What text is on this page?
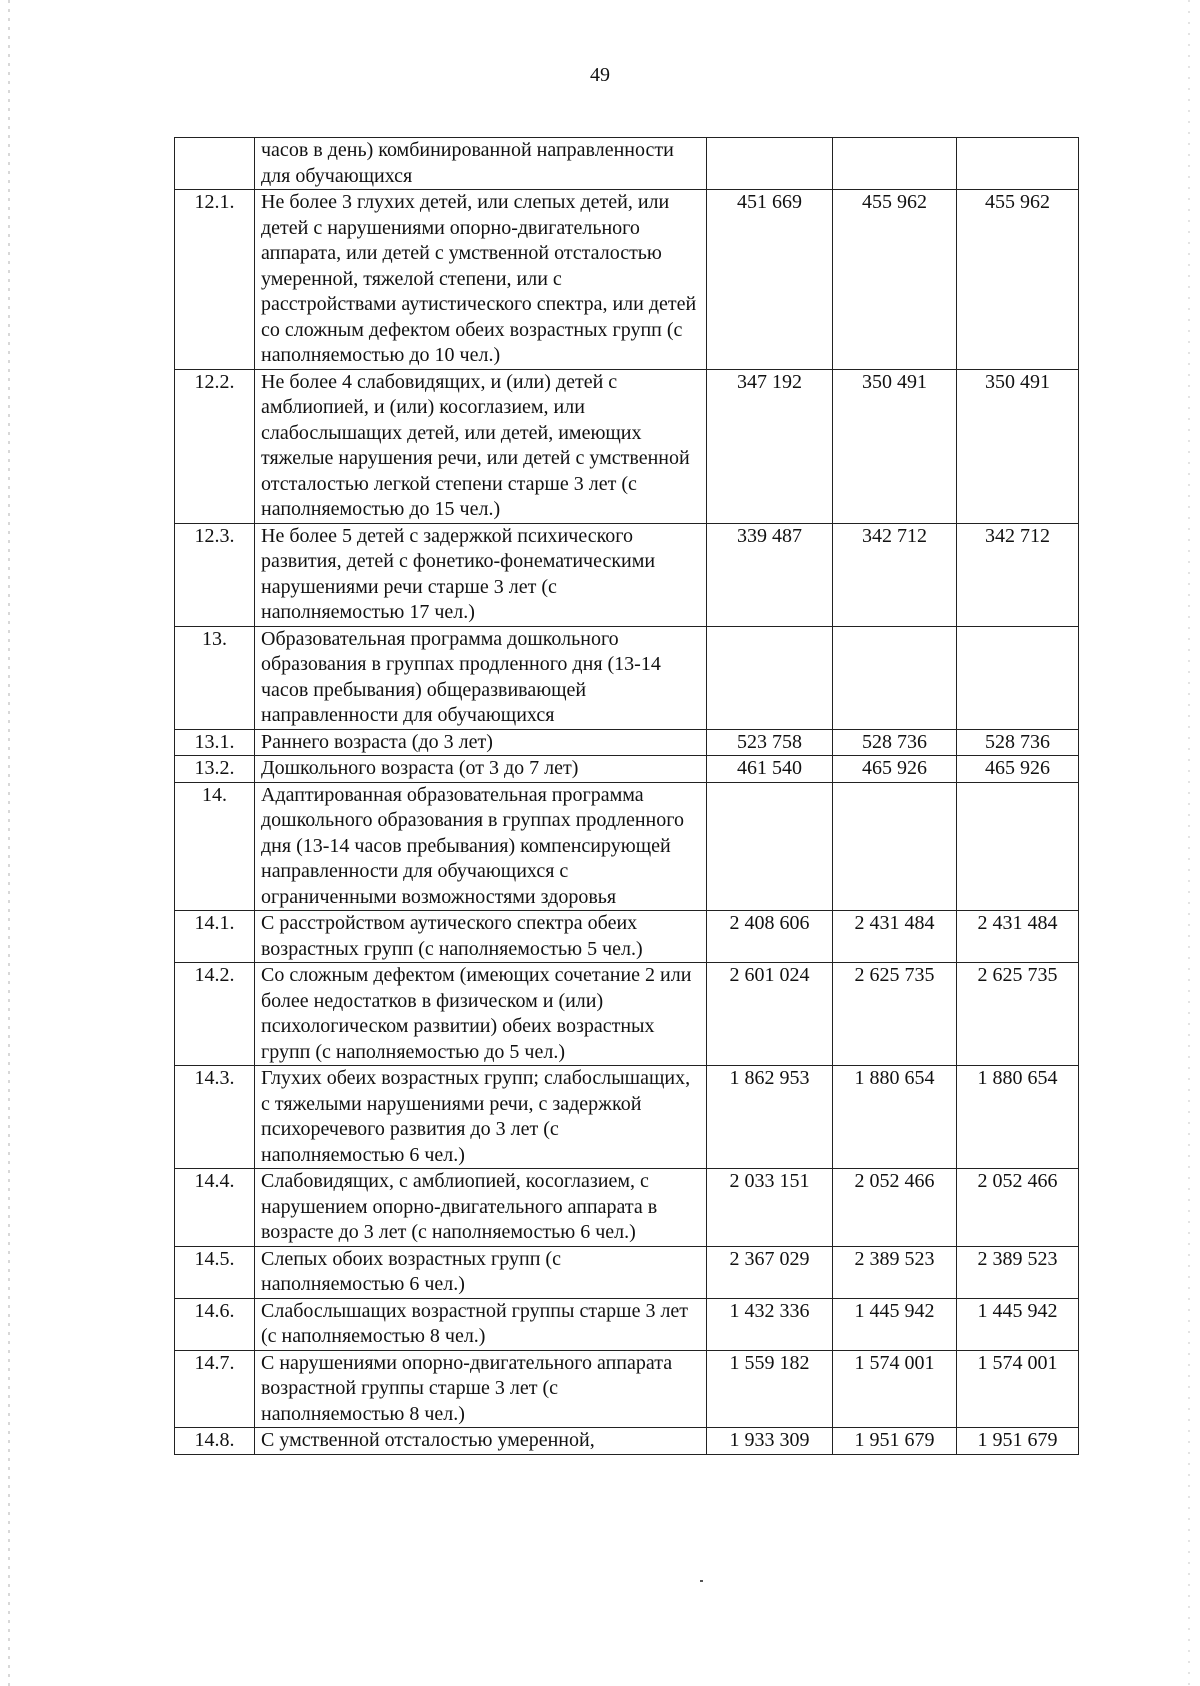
49
	часов в день) комбинированной направленности для обучающихся			
12.1.	Не более 3 глухих детей, или слепых детей, или детей с нарушениями опорно-двигательного аппарата, или детей с умственной отсталостью умеренной, тяжелой степени, или с расстройствами аутистического спектра, или детей со сложным дефектом обеих возрастных групп (с наполняемостью до 10 чел.)	451 669	455 962	455 962
12.2.	Не более 4 слабовидящих, и (или) детей с амблиопией, и (или) косоглазием, или слабослышащих детей, или детей, имеющих тяжелые нарушения речи, или детей с умственной отсталостью легкой степени старше 3 лет (с наполняемостью до 15 чел.)	347 192	350 491	350 491
12.3.	Не более 5 детей с задержкой психического развития, детей с фонетико-фонематическими нарушениями речи старше 3 лет (с наполняемостью 17 чел.)	339 487	342 712	342 712
13.	Образовательная программа дошкольного образования в группах продленного дня (13-14 часов пребывания) общеразвивающей направленности для обучающихся			
13.1.	Раннего возраста (до 3 лет)	523 758	528 736	528 736
13.2.	Дошкольного возраста (от 3 до 7 лет)	461 540	465 926	465 926
14.	Адаптированная образовательная программа дошкольного образования в группах продленного дня (13-14 часов пребывания) компенсирующей направленности для обучающихся с ограниченными возможностями здоровья			
14.1.	С расстройством аутического спектра обеих возрастных групп (с наполняемостью 5 чел.)	2 408 606	2 431 484	2 431 484
14.2.	Со сложным дефектом (имеющих сочетание 2 или более недостатков в физическом и (или) психологическом развитии) обеих возрастных групп (с наполняемостью до 5 чел.)	2 601 024	2 625 735	2 625 735
14.3.	Глухих обеих возрастных групп; слабослышащих, с тяжелыми нарушениями речи, с задержкой психоречевого развития до 3 лет (с наполняемостью 6 чел.)	1 862 953	1 880 654	1 880 654
14.4.	Слабовидящих, с амблиопией, косоглазием, с нарушением опорно-двигательного аппарата в возрасте до 3 лет (с наполняемостью 6 чел.)	2 033 151	2 052 466	2 052 466
14.5.	Слепых обоих возрастных групп (с наполняемостью 6 чел.)	2 367 029	2 389 523	2 389 523
14.6.	Слабослышащих возрастной группы старше 3 лет (с наполняемостью 8 чел.)	1 432 336	1 445 942	1 445 942
14.7.	С нарушениями опорно-двигательного аппарата возрастной группы старше 3 лет (с наполняемостью 8 чел.)	1 559 182	1 574 001	1 574 001
14.8.	С умственной отсталостью умеренной,	1 933 309	1 951 679	1 951 679
